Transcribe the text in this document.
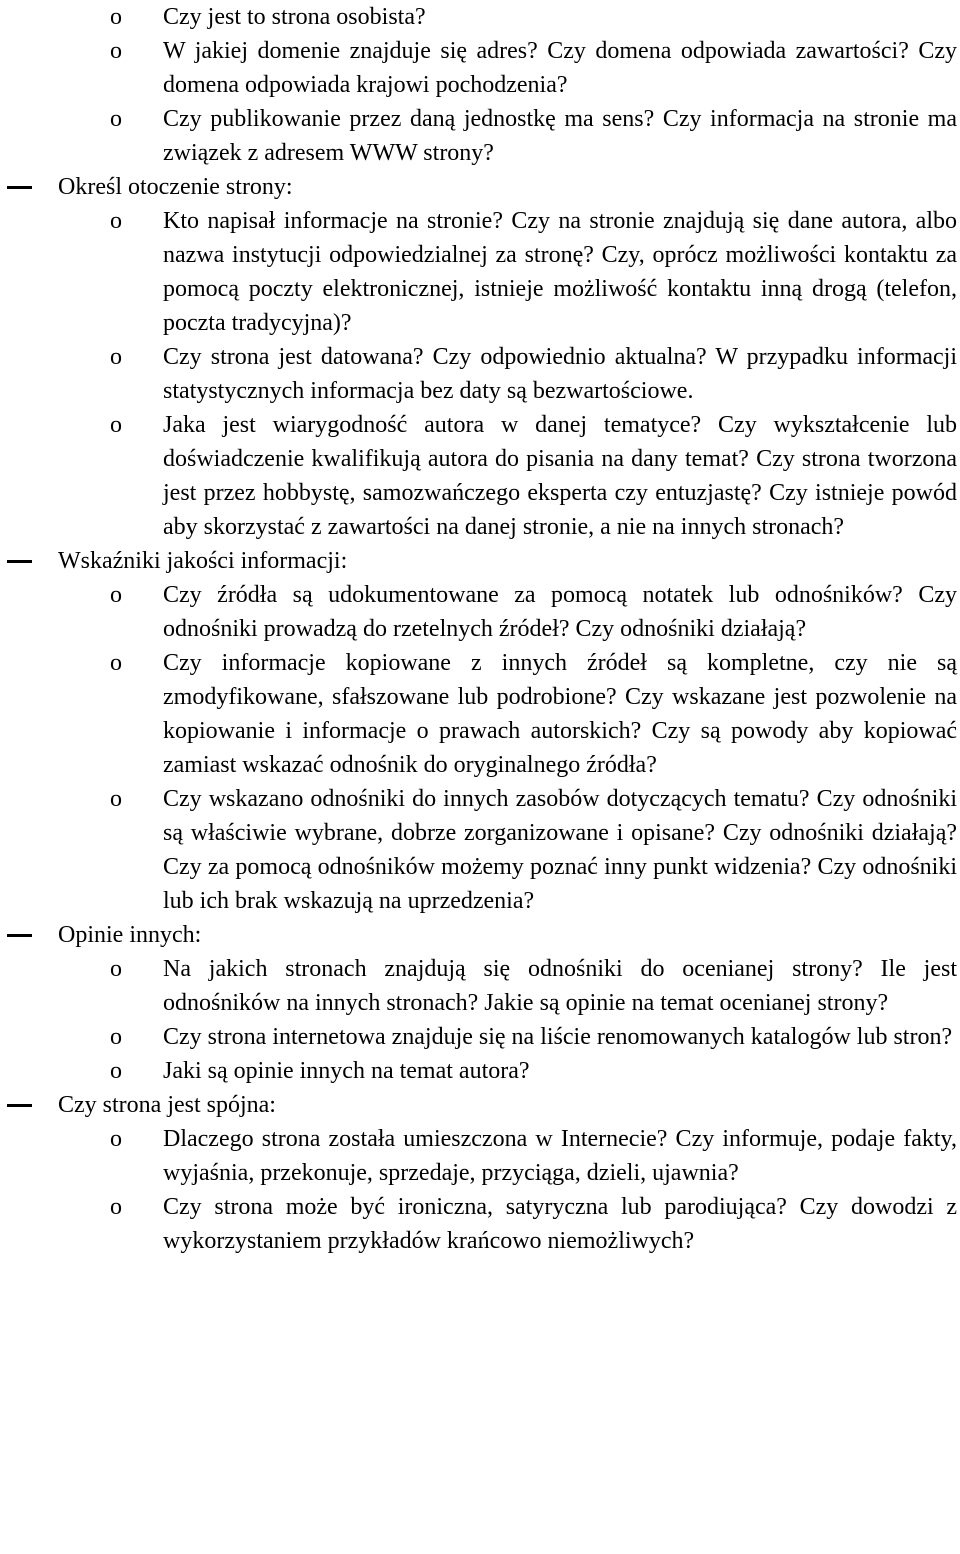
o Czy jest to strona osobista?
o W jakiej domenie znajduje się adres? Czy domena odpowiada zawartości? Czy domena odpowiada krajowi pochodzenia?
o Czy publikowanie przez daną jednostkę ma sens? Czy informacja na stronie ma związek z adresem WWW strony?
Określ otoczenie strony:
o Kto napisał informacje na stronie? Czy na stronie znajdują się dane autora, albo nazwa instytucji odpowiedzialnej za stronę? Czy, oprócz możliwości kontaktu za pomocą poczty elektronicznej, istnieje możliwość kontaktu inną drogą (telefon, poczta tradycyjna)?
o Czy strona jest datowana? Czy odpowiednio aktualna? W przypadku informacji statystycznych informacja bez daty są bezwartościowe.
o Jaka jest wiarygodność autora w danej tematyce? Czy wykształcenie lub doświadczenie kwalifikują autora do pisania na dany temat? Czy strona tworzona jest przez hobbystę, samozwańczego eksperta czy entuzjastę? Czy istnieje powód aby skorzystać z zawartości na danej stronie, a nie na innych stronach?
Wskaźniki jakości informacji:
o Czy źródła są udokumentowane za pomocą notatek lub odnośników? Czy odnośniki prowadzą do rzetelnych źródeł? Czy odnośniki działają?
o Czy informacje kopiowane z innych źródeł są kompletne, czy nie są zmodyfikowane, sfałszowane lub podrobione? Czy wskazane jest pozwolenie na kopiowanie i informacje o prawach autorskich? Czy są powody aby kopiować zamiast wskazać odnośnik do oryginalnego źródła?
o Czy wskazano odnośniki do innych zasobów dotyczących tematu? Czy odnośniki są właściwie wybrane, dobrze zorganizowane i opisane? Czy odnośniki działają? Czy za pomocą odnośników możemy poznać inny punkt widzenia? Czy odnośniki lub ich brak wskazują na uprzedzenia?
Opinie innych:
o Na jakich stronach znajdują się odnośniki do ocenianej strony? Ile jest odnośników na innych stronach? Jakie są opinie na temat ocenianej strony?
o Czy strona internetowa znajduje się na liście renomowanych katalogów lub stron?
o Jaki są opinie innych na temat autora?
Czy strona jest spójna:
o Dlaczego strona została umieszczona w Internecie? Czy informuje, podaje fakty, wyjaśnia, przekonuje, sprzedaje, przyciąga, dzieli, ujawnia?
o Czy strona może być ironiczna, satyryczna lub parodiująca? Czy dowodzi z wykorzystaniem przykładów krańcowo niemożliwych?
